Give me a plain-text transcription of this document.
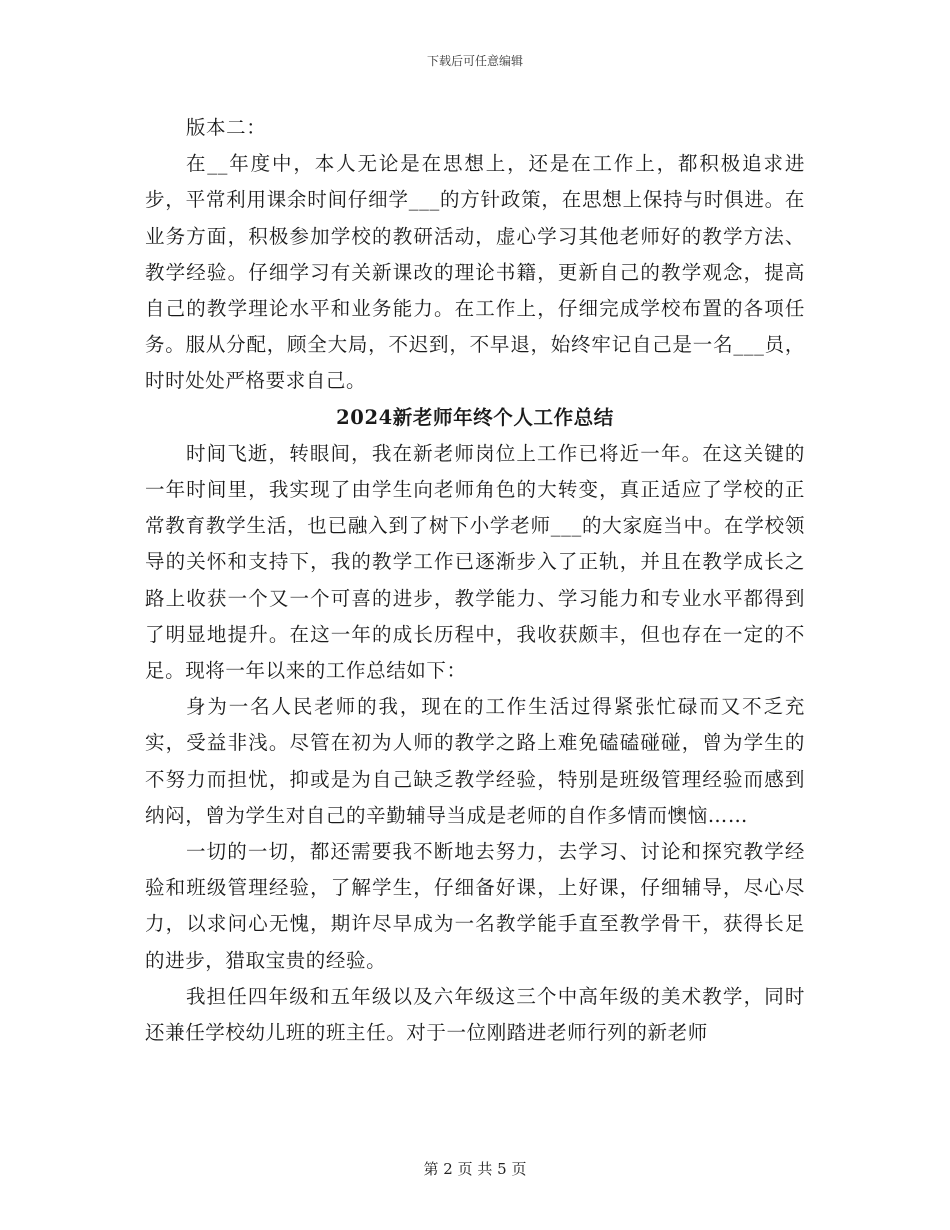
下载后可任意编辑

版本二：

在__年度中，本人无论是在思想上，还是在工作上，都积极追求进步，平常利用课余时间仔细学___的方针政策，在思想上保持与时俱进。在业务方面，积极参加学校的教研活动，虚心学习其他老师好的教学方法、教学经验。仔细学习有关新课改的理论书籍，更新自己的教学观念，提高自己的教学理论水平和业务能力。在工作上，仔细完成学校布置的各项任务。服从分配，顾全大局，不迟到，不早退，始终牢记自己是一名___员，时时处处严格要求自己。

2024新老师年终个人工作总结

时间飞逝，转眼间，我在新老师岗位上工作已将近一年。在这关键的一年时间里，我实现了由学生向老师角色的大转变，真正适应了学校的正常教育教学生活，也已融入到了树下小学老师___的大家庭当中。在学校领导的关怀和支持下，我的教学工作已逐渐步入了正轨，并且在教学成长之路上收获一个又一个可喜的进步，教学能力、学习能力和专业水平都得到了明显地提升。在这一年的成长历程中，我收获颇丰，但也存在一定的不足。现将一年以来的工作总结如下：

身为一名人民老师的我，现在的工作生活过得紧张忙碌而又不乏充实，受益非浅。尽管在初为人师的教学之路上难免磕磕碰碰，曾为学生的不努力而担忧，抑或是为自己缺乏教学经验，特别是班级管理经验而感到纳闷，曾为学生对自己的辛勤辅导当成是老师的自作多情而懊恼……

一切的一切，都还需要我不断地去努力，去学习、讨论和探究教学经验和班级管理经验，了解学生，仔细备好课，上好课，仔细辅导，尽心尽力，以求问心无愧，期许尽早成为一名教学能手直至教学骨干，获得长足的进步，猎取宝贵的经验。

我担任四年级和五年级以及六年级这三个中高年级的美术教学，同时还兼任学校幼儿班的班主任。对于一位刚踏进老师行列的新老师

第 2 页 共 5 页
